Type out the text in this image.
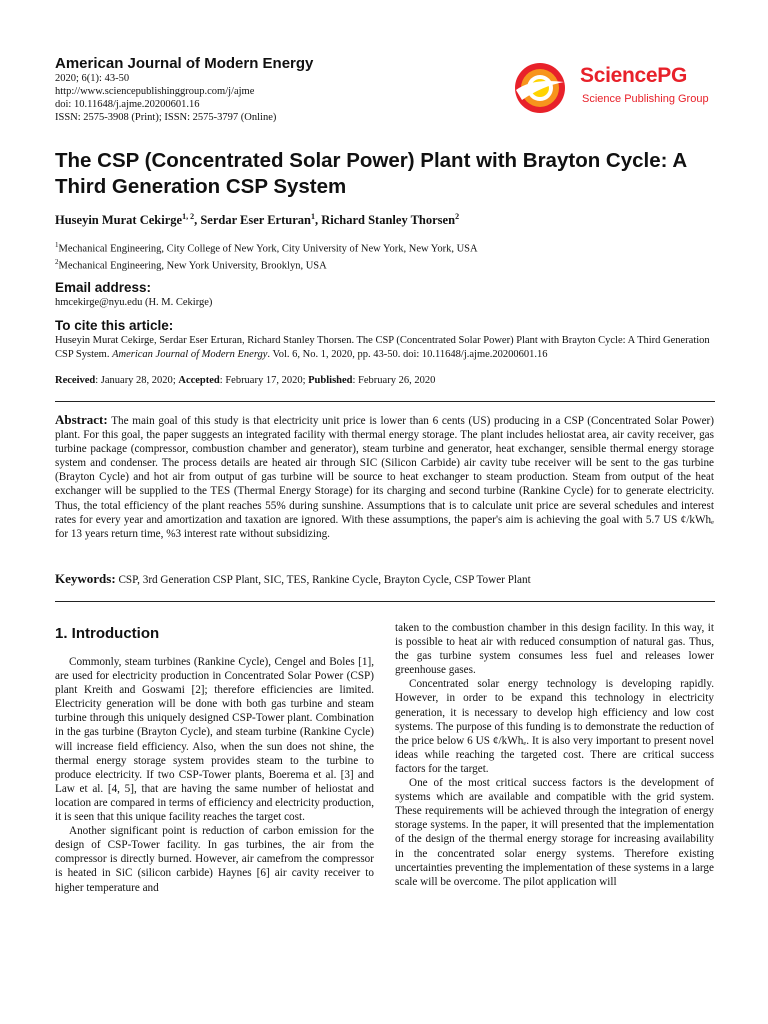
American Journal of Modern Energy
2020; 6(1): 43-50
http://www.sciencepublishinggroup.com/j/ajme
doi: 10.11648/j.ajme.20200601.16
ISSN: 2575-3908 (Print); ISSN: 2575-3797 (Online)
SciencePG
Science Publishing Group
The CSP (Concentrated Solar Power) Plant with Brayton Cycle: A Third Generation CSP System
Huseyin Murat Cekirge$^{1, 2}$, Serdar Eser Erturan$^1$, Richard Stanley Thorsen$^2$
$^1$Mechanical Engineering, City College of New York, City University of New York, New York, USA
$^2$Mechanical Engineering, New York University, Brooklyn, USA
Email address:
hmcekirge@nyu.edu (H. M. Cekirge)
To cite this article:
Huseyin Murat Cekirge, Serdar Eser Erturan, Richard Stanley Thorsen. The CSP (Concentrated Solar Power) Plant with Brayton Cycle: A Third Generation CSP System. American Journal of Modern Energy. Vol. 6, No. 1, 2020, pp. 43-50. doi: 10.11648/j.ajme.20200601.16
Received: January 28, 2020; Accepted: February 17, 2020; Published: February 26, 2020
Abstract: The main goal of this study is that electricity unit price is lower than 6 cents (US) producing in a CSP (Concentrated Solar Power) plant. For this goal, the paper suggests an integrated facility with thermal energy storage. The plant includes heliostat area, air cavity receiver, gas turbine package (compressor, combustion chamber and generator), steam turbine and generator, heat exchanger, sensible thermal energy storage system and condenser. The process details are heated air through SIC (Silicon Carbide) air cavity tube receiver will be sent to the gas turbine (Brayton Cycle) and hot air from output of gas turbine will be source to heat exchanger to steam production. Steam from output of the heat exchanger will be supplied to the TES (Thermal Energy Storage) for its charging and second turbine (Rankine Cycle) for to generate electricity. Thus, the total efficiency of the plant reaches 55% during sunshine. Assumptions that is to calculate unit price are several schedules and interest rates for every year and amortization and taxation are ignored. With these assumptions, the paper's aim is achieving the goal with 5.7 US ¢/kWhₑ for 13 years return time, %3 interest rate without subsidizing.
Keywords: CSP, 3rd Generation CSP Plant, SIC, TES, Rankine Cycle, Brayton Cycle, CSP Tower Plant
1. Introduction

Commonly, steam turbines (Rankine Cycle), Cengel and Boles [1], are used for electricity production in Concentrated Solar Power (CSP) plant Kreith and Goswami [2]; therefore efficiencies are limited. Electricity generation will be done with both gas turbine and steam turbine through this uniquely designed CSP-Tower plant. Combination in the gas turbine (Brayton Cycle), and steam turbine (Rankine Cycle) will increase field efficiency. Also, when the sun does not shine, the thermal energy storage system provides steam to the turbine to produce electricity. If two CSP-Tower plants, Boerema et al. [3] and Law et al. [4, 5], that are having the same number of heliostat and location are compared in terms of efficiency and electricity production, it is seen that this unique facility reaches the target cost.

Another significant point is reduction of carbon emission for the design of CSP-Tower facility. In gas turbines, the air from the compressor is directly burned. However, air camefrom the compressor is heated in SiC (silicon carbide) Haynes [6] air cavity receiver to higher temperature and

taken to the combustion chamber in this design facility. In this way, it is possible to heat air with reduced consumption of natural gas. Thus, the gas turbine system consumes less fuel and releases lower greenhouse gases.

Concentrated solar energy technology is developing rapidly. However, in order to be expand this technology in electricity generation, it is necessary to develop high efficiency and low cost systems. The purpose of this funding is to demonstrate the reduction of the price below 6 US ¢/kWhₑ. It is also very important to present novel ideas while reaching the targeted cost. There are critical success factors for the target.

One of the most critical success factors is the development of systems which are available and compatible with the grid system. These requirements will be achieved through the integration of energy storage systems. In the paper, it will presented that the implementation of the design of the thermal energy storage for increasing availability in the concentrated solar energy systems. Therefore existing uncertainties preventing the implementation of these systems in a large scale will be overcome. The pilot application will
